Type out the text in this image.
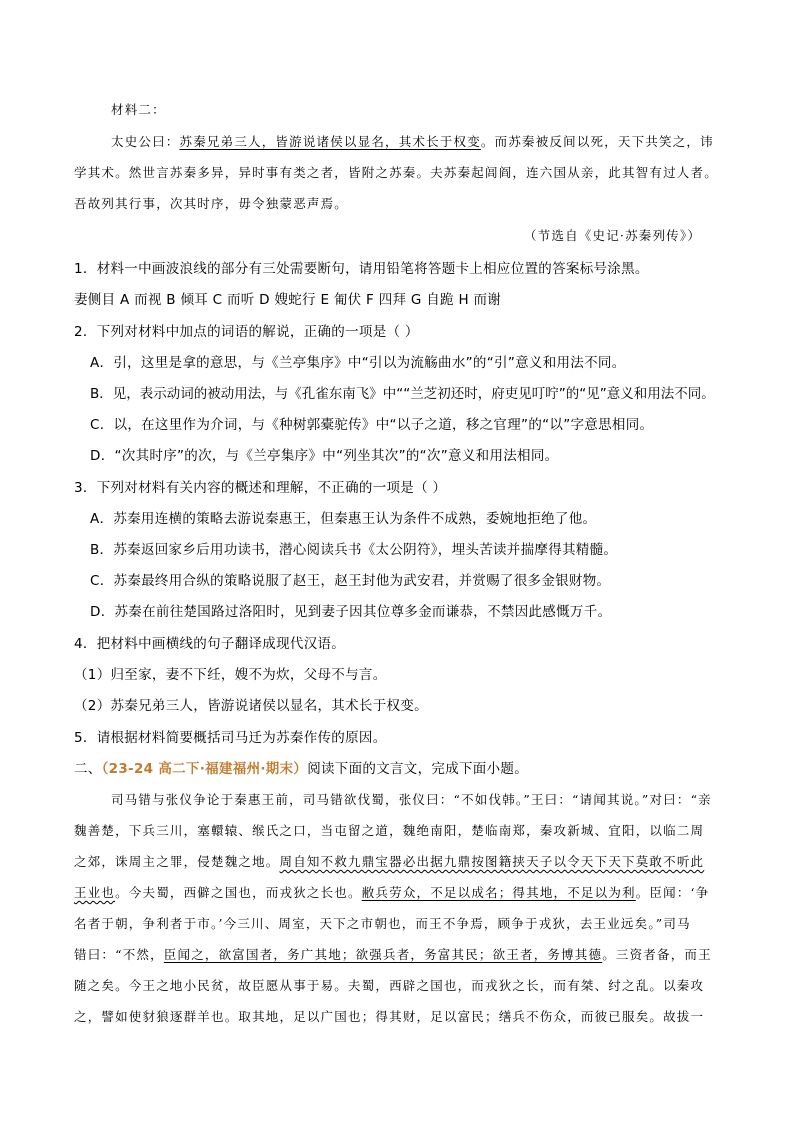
材料二：
太史公曰：苏秦兄弟三人，皆游说诸侯以显名，其术长于权变。而苏秦被反间以死，天下共笑之，讳
学其术。然世言苏秦多异，异时事有类之者，皆附之苏秦。夫苏秦起闾阎，连六国从亲，此其智有过人者。
吾故列其行事，次其时序，毋令独蒙恶声焉。
（节选自《史记·苏秦列传》）
1．材料一中画波浪线的部分有三处需要断句，请用铅笔将答题卡上相应位置的答案标号涂黑。
妻侧目 A 而视 B 倾耳 C 而听 D 嫂蛇行 E 匍伏 F 四拜 G 自跪 H 而谢
2．下列对材料中加点的词语的解说，正确的一项是（ ）
A．引，这里是拿的意思，与《兰亭集序》中“引以为流觞曲水”的“引”意义和用法不同。
B．见，表示动词的被动用法，与《孔雀东南飞》中““兰芝初还时，府吏见叮咛”的“见”意义和用法不同。
C．以，在这里作为介词，与《种树郭橐驼传》中“以子之道，移之官理”的“以”字意思相同。
D．“次其时序”的次，与《兰亭集序》中“列坐其次”的“次”意义和用法相同。
3．下列对材料有关内容的概述和理解，不正确的一项是（ ）
A．苏秦用连横的策略去游说秦惠王，但秦惠王认为条件不成熟，委婉地拒绝了他。
B．苏秦返回家乡后用功读书，潜心阅读兵书《太公阴符》，埋头苦读并揣摩得其精髓。
C．苏秦最终用合纵的策略说服了赵王，赵王封他为武安君，并赏赐了很多金银财物。
D．苏秦在前往楚国路过洛阳时，见到妻子因其位尊多金而谦恭，不禁因此感慨万千。
4．把材料中画横线的句子翻译成现代汉语。
（1）归至家，妻不下纴，嫂不为炊，父母不与言。
（2）苏秦兄弟三人，皆游说诸侯以显名，其术长于权变。
5．请根据材料简要概括司马迁为苏秦作传的原因。
二、（23-24 高二下·福建福州·期末）阅读下面的文言文，完成下面小题。
司马错与张仪争论于秦惠王前，司马错欲伐蜀，张仪曰：“不如伐韩。”王曰：“请闻其说。”对曰：“亲
魏善楚，下兵三川，塞轘辕、缑氏之口，当屯留之道，魏绝南阳，楚临南郑，秦攻新城、宜阳，以临二周
之郊，诛周主之罪，侵楚魏之地。周自知不救九鼎宝器必出据九鼎按图籍挟天子以令天下天下莫敢不听此
王业也。今夫蜀，西僻之国也，而戎狄之长也。敝兵劳众，不足以成名；得其地，不足以为利。臣闻：‘争
名者于朝，争利者于市。’今三川、周室，天下之市朝也，而王不争焉，顾争于戎狄，去王业远矣。”司马
错曰：“不然，臣闻之，欲富国者，务广其地；欲强兵者，务富其民；欲王者，务博其德。三资者备，而王
随之矣。今王之地小民贫，故臣愿从事于易。夫蜀，西辟之国也，而戎狄之长，而有桀、纣之乱。以秦攻
之，譬如使豺狼逐群羊也。取其地，足以广国也；得其财，足以富民；缮兵不伤众，而彼已服矣。故拔一
